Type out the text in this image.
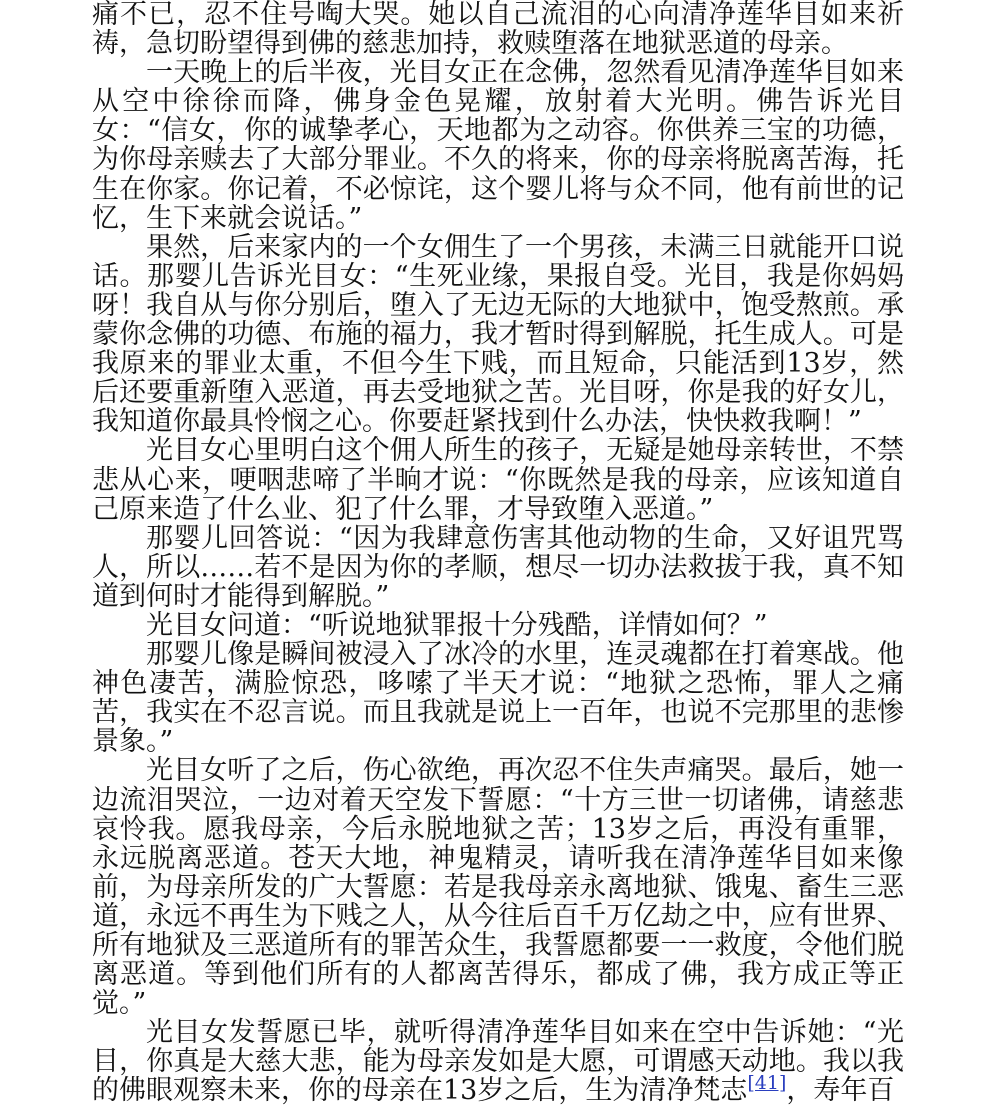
痛不已，忍不住号啕大哭。她以自己流泪的心向清净莲华目如来祈祷，急切盼望得到佛的慈悲加持，救赎堕落在地狱恶道的母亲。

一天晚上的后半夜，光目女正在念佛，忽然看见清净莲华目如来从空中徐徐而降，佛身金色晃耀，放射着大光明。佛告诉光目女：“信女，你的诚挚孝心，天地都为之动容。你供养三宝的功德，为你母亲赎去了大部分罪业。不久的将来，你的母亲将脱离苦海，托生在你家。你记着，不必惊诧，这个婴儿将与众不同，他有前世的记忆，生下来就会说话。”

果然，后来家内的一个女佣生了一个男孩，未满三日就能开口说话。那婴儿告诉光目女：“生死业缘，果报自受。光目，我是你妈妈呀！我自从与你分别后，堕入了无边无际的大地狱中，饱受熬煎。承蒙你念佛的功德、布施的福力，我才暂时得到解脱，托生成人。可是我原来的罪业太重，不但今生下贱，而且短命，只能活到13岁，然后还要重新堕入恶道，再去受地狱之苦。光目呀，你是我的好女儿，我知道你最具怜悯之心。你要赶紧找到什么办法，快快救我啊！”

光目女心里明白这个佣人所生的孩子，无疑是她母亲转世，不禁悲从心来，哽咽悲啼了半晌才说：“你既然是我的母亲，应该知道自己原来造了什么业、犯了什么罪，才导致堕入恶道。”

那婴儿回答说：“因为我肆意伤害其他动物的生命，又好诅咒骂人，所以……若不是因为你的孝顺，想尽一切办法救拔于我，真不知道到何时才能得到解脱。”

光目女问道：“听说地狱罪报十分残酷，详情如何？”

那婴儿像是瞬间被浸入了冰冷的水里，连灵魂都在打着寒战。他神色凄苦，满脸惊恐，哆嗦了半天才说：“地狱之恐怖，罪人之痛苦，我实在不忍言说。而且我就是说上一百年，也说不完那里的悲惨景象。”

光目女听了之后，伤心欲绝，再次忍不住失声痛哭。最后，她一边流泪哭泣，一边对着天空发下誓愿：“十方三世一切诸佛，请慈悲哀怜我。愿我母亲，今后永脱地狱之苦；13岁之后，再没有重罪，永远脱离恶道。苍天大地，神鬼精灵，请听我在清净莲华目如来像前，为母亲所发的广大誓愿：若是我母亲永离地狱、饿鬼、畜生三恶道，永远不再生为下贱之人，从今往后百千万亿劫之中，应有世界、所有地狱及三恶道所有的罪苦众生，我誓愿都要一一救度，令他们脱离恶道。等到他们所有的人都离苦得乐，都成了佛，我方成正等正觉。”

光目女发誓愿已毕，就听得清净莲华目如来在空中告诉她：“光目，你真是大慈大悲，能为母亲发如是大愿，可谓感天动地。我以我的佛眼观察未来，你的母亲在13岁之后，生为清净梵志[41]，寿年百
